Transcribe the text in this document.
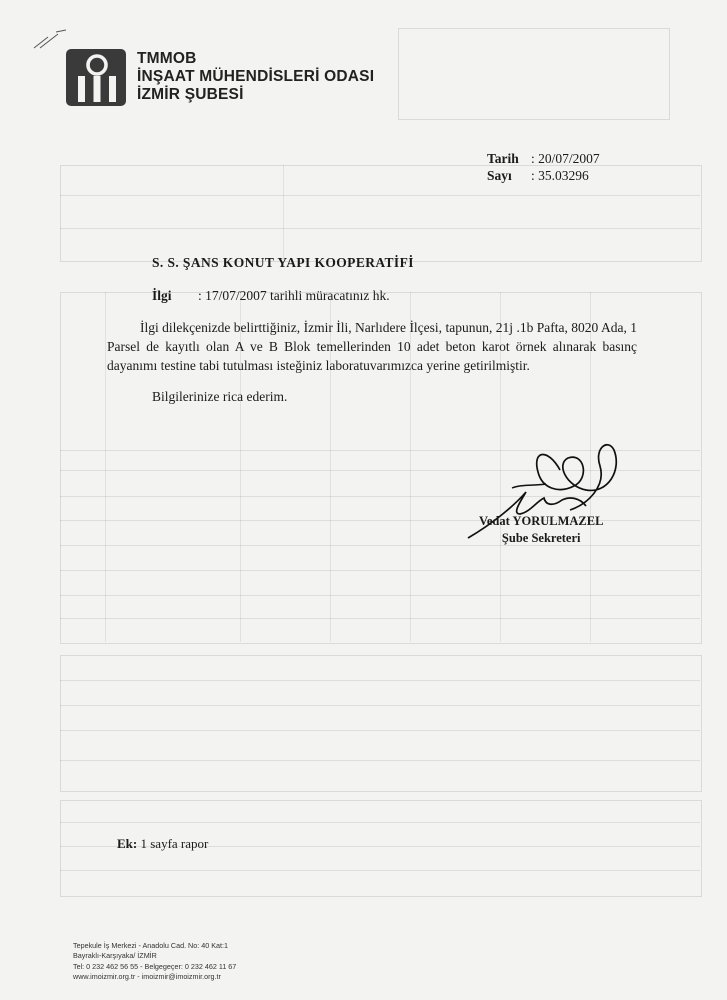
TMMOB
İNŞAAT MÜHENDİSLERİ ODASI
İZMİR ŞUBESİ
Tarih : 20/07/2007
Sayı : 35.03296
S. S. ŞANS KONUT YAPI KOOPERATİFİ
İlgi : 17/07/2007 tarihli müracatınız hk.
İlgi dilekçenizde belirttiğiniz, İzmir İli, Narlıdere İlçesi, tapunun, 21j .1b Pafta, 8020 Ada, 1 Parsel de kayıtlı olan A ve B Blok temellerinden 10 adet beton karot örnek alınarak basınç dayanımı testine tabi tutulması isteğiniz laboratuvarımızca yerine getirilmiştir.
Bilgilerinize rica ederim.
Vedat YORULMAZEL
Şube Sekreteri
Ek: 1 sayfa rapor
Tepekule İş Merkezi - Anadolu Cad. No: 40 Kat:1
Bayraklı-Karşıyaka/ İZMİR
Tel: 0 232 462 56 55 - Belgegeçer: 0 232 462 11 67
www.imoizmir.org.tr - imoizmir@imoizmir.org.tr
